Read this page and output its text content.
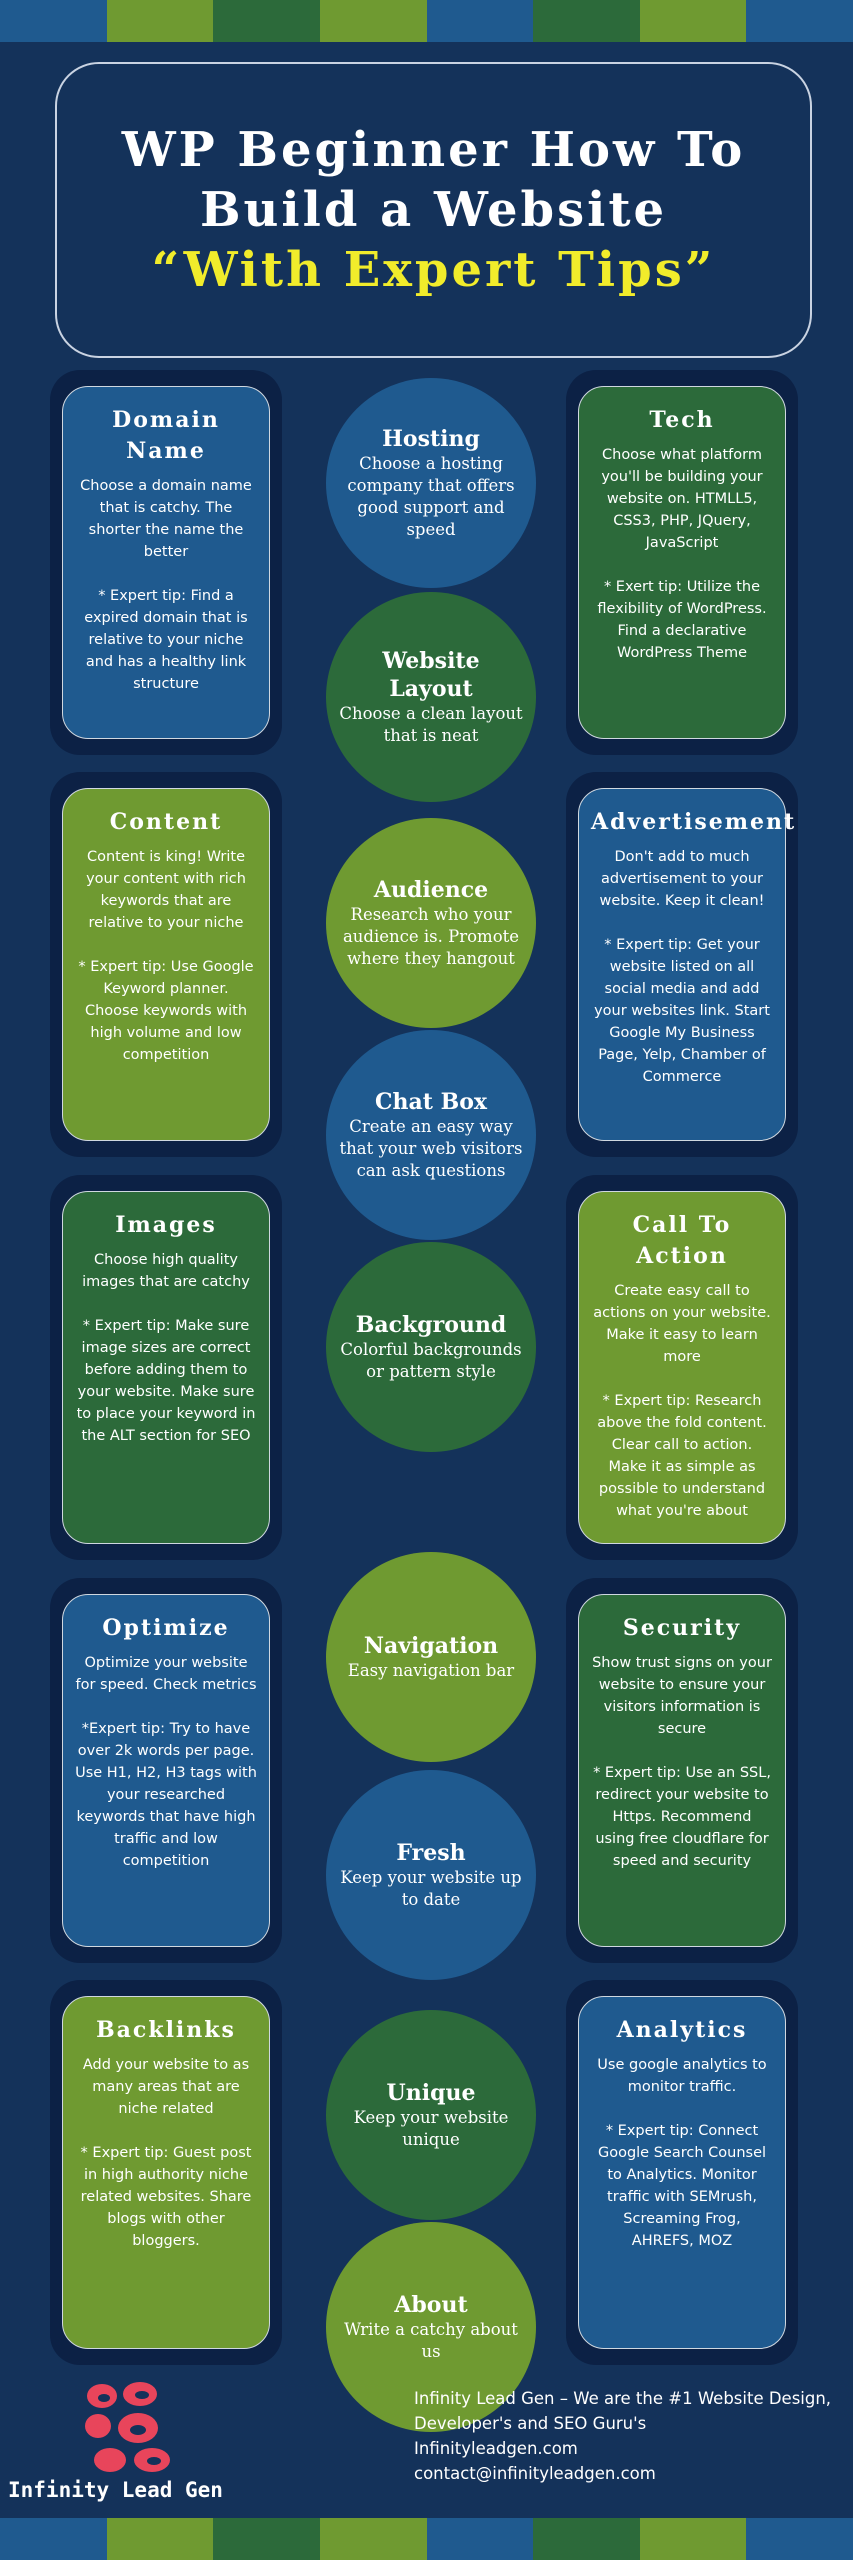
WP Beginner How To
Build a Website
“With Expert Tips”
Domain Name
Choose a domain name that is catchy. The shorter the name the better

* Expert tip: Find a expired domain that is relative to your niche and has a healthy link structure
Tech
Choose what platform you'll be building your website on. HTMLL5, CSS3, PHP, JQuery, JavaScript

* Exert tip: Utilize the flexibility of WordPress. Find a declarative WordPress Theme
Hosting
Choose a hosting company that offers good support and speed
Website Layout
Choose a clean layout that is neat
Content
Content is king! Write your content with rich keywords that are relative to your niche

* Expert tip: Use Google Keyword planner. Choose keywords with high volume and low competition
Advertisement
Don't add to much advertisement to your website. Keep it clean!

* Expert tip: Get your website listed on all social media and add your websites link. Start Google My Business Page, Yelp, Chamber of Commerce
Audience
Research who your audience is. Promote where they hangout
Chat Box
Create an easy way that your web visitors can ask questions
Images
Choose high quality images that are catchy

* Expert tip: Make sure image sizes are correct before adding them to your website. Make sure to place your keyword in the ALT section for SEO
Call To Action
Create easy call to actions on your website. Make it easy to learn more

* Expert tip: Research above the fold content. Clear call to action. Make it as simple as possible to understand what you're about
Background
Colorful backgrounds or pattern style
Optimize
Optimize your website for speed. Check metrics

*Expert tip: Try to have over 2k words per page. Use H1, H2, H3 tags with your researched keywords that have high traffic and low competition
Security
Show trust signs on your website to ensure your visitors information is secure

* Expert tip: Use an SSL, redirect your website to Https. Recommend using free cloudflare for speed and security
Navigation
Easy navigation bar
Fresh
Keep your website up to date
Backlinks
Add your website to as many areas that are niche related

* Expert tip: Guest post in high authority niche related websites. Share blogs with other bloggers.
Analytics
Use google analytics to monitor traffic.

* Expert tip: Connect Google Search Counsel to Analytics. Monitor traffic with SEMrush, Screaming Frog, AHREFS, MOZ
Unique
Keep your website unique
About
Write a catchy about us
Infinity Lead Gen
Infinity Lead Gen – We are the #1 Website Design,
Developer's and SEO Guru's
Infinityleadgen.com
contact@infinityleadgen.com
